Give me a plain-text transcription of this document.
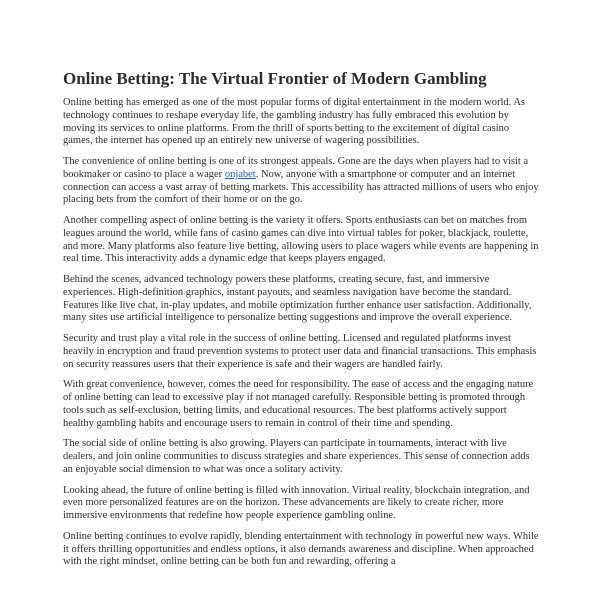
Online Betting: The Virtual Frontier of Modern Gambling

Online betting has emerged as one of the most popular forms of digital entertainment in the modern world. As technology continues to reshape everyday life, the gambling industry has fully embraced this evolution by moving its services to online platforms. From the thrill of sports betting to the excitement of digital casino games, the internet has opened up an entirely new universe of wagering possibilities.

The convenience of online betting is one of its strongest appeals. Gone are the days when players had to visit a bookmaker or casino to place a wager onjabet. Now, anyone with a smartphone or computer and an internet connection can access a vast array of betting markets. This accessibility has attracted millions of users who enjoy placing bets from the comfort of their home or on the go.

Another compelling aspect of online betting is the variety it offers. Sports enthusiasts can bet on matches from leagues around the world, while fans of casino games can dive into virtual tables for poker, blackjack, roulette, and more. Many platforms also feature live betting, allowing users to place wagers while events are happening in real time. This interactivity adds a dynamic edge that keeps players engaged.

Behind the scenes, advanced technology powers these platforms, creating secure, fast, and immersive experiences. High-definition graphics, instant payouts, and seamless navigation have become the standard. Features like live chat, in-play updates, and mobile optimization further enhance user satisfaction. Additionally, many sites use artificial intelligence to personalize betting suggestions and improve the overall experience.

Security and trust play a vital role in the success of online betting. Licensed and regulated platforms invest heavily in encryption and fraud prevention systems to protect user data and financial transactions. This emphasis on security reassures users that their experience is safe and their wagers are handled fairly.

With great convenience, however, comes the need for responsibility. The ease of access and the engaging nature of online betting can lead to excessive play if not managed carefully. Responsible betting is promoted through tools such as self-exclusion, betting limits, and educational resources. The best platforms actively support healthy gambling habits and encourage users to remain in control of their time and spending.

The social side of online betting is also growing. Players can participate in tournaments, interact with live dealers, and join online communities to discuss strategies and share experiences. This sense of connection adds an enjoyable social dimension to what was once a solitary activity.

Looking ahead, the future of online betting is filled with innovation. Virtual reality, blockchain integration, and even more personalized features are on the horizon. These advancements are likely to create richer, more immersive environments that redefine how people experience gambling online.

Online betting continues to evolve rapidly, blending entertainment with technology in powerful new ways. While it offers thrilling opportunities and endless options, it also demands awareness and discipline. When approached with the right mindset, online betting can be both fun and rewarding, offering a
